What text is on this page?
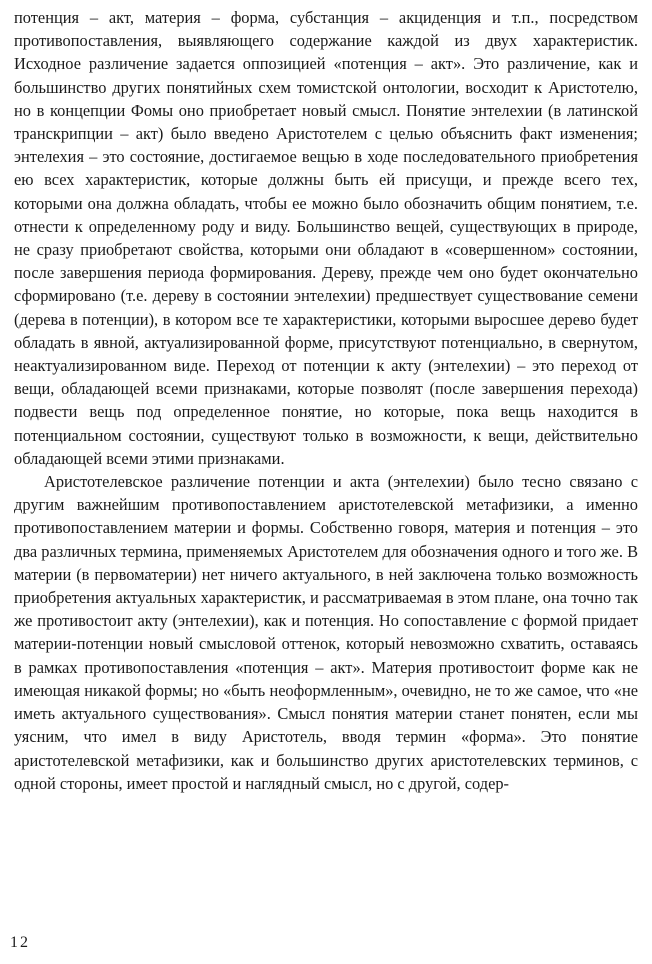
потенция – акт, материя – форма, субстанция – акциденция и т.п., посредством противопоставления, выявляющего содержание каждой из двух характеристик. Исходное различение задается оппозицией «потенция – акт». Это различение, как и большинство других понятийных схем томистской онтологии, восходит к Аристотелю, но в концепции Фомы оно приобретает новый смысл. Понятие энтелехии (в латинской транскрипции – акт) было введено Аристотелем с целью объяснить факт изменения; энтелехия – это состояние, достигаемое вещью в ходе последовательного приобретения ею всех характеристик, которые должны быть ей присущи, и прежде всего тех, которыми она должна обладать, чтобы ее можно было обозначить общим понятием, т.е. отнести к определенному роду и виду. Большинство вещей, существующих в природе, не сразу приобретают свойства, которыми они обладают в «совершенном» состоянии, после завершения периода формирования. Дереву, прежде чем оно будет окончательно сформировано (т.е. дереву в состоянии энтелехии) предшествует существование семени (дерева в потенции), в котором все те характеристики, которыми выросшее дерево будет обладать в явной, актуализированной форме, присутствуют потенциально, в свернутом, неактуализированном виде. Переход от потенции к акту (энтелехии) – это переход от вещи, обладающей всеми признаками, которые позволят (после завершения перехода) подвести вещь под определенное понятие, но которые, пока вещь находится в потенциальном состоянии, существуют только в возможности, к вещи, действительно обладающей всеми этими признаками.

Аристотелевское различение потенции и акта (энтелехии) было тесно связано с другим важнейшим противопоставлением аристотелевской метафизики, а именно противопоставлением материи и формы. Собственно говоря, материя и потенция – это два различных термина, применяемых Аристотелем для обозначения одного и того же. В материи (в первоматерии) нет ничего актуального, в ней заключена только возможность приобретения актуальных характеристик, и рассматриваемая в этом плане, она точно так же противостоит акту (энтелехии), как и потенция. Но сопоставление с формой придает материи-потенции новый смысловой оттенок, который невозможно схватить, оставаясь в рамках противопоставления «потенция – акт». Материя противостоит форме как не имеющая никакой формы; но «быть неоформленным», очевидно, не то же самое, что «не иметь актуального существования». Смысл понятия материи станет понятен, если мы уясним, что имел в виду Аристотель, вводя термин «форма». Это понятие аристотелевской метафизики, как и большинство других аристотелевских терминов, с одной стороны, имеет простой и наглядный смысл, но с другой, содер-

12
